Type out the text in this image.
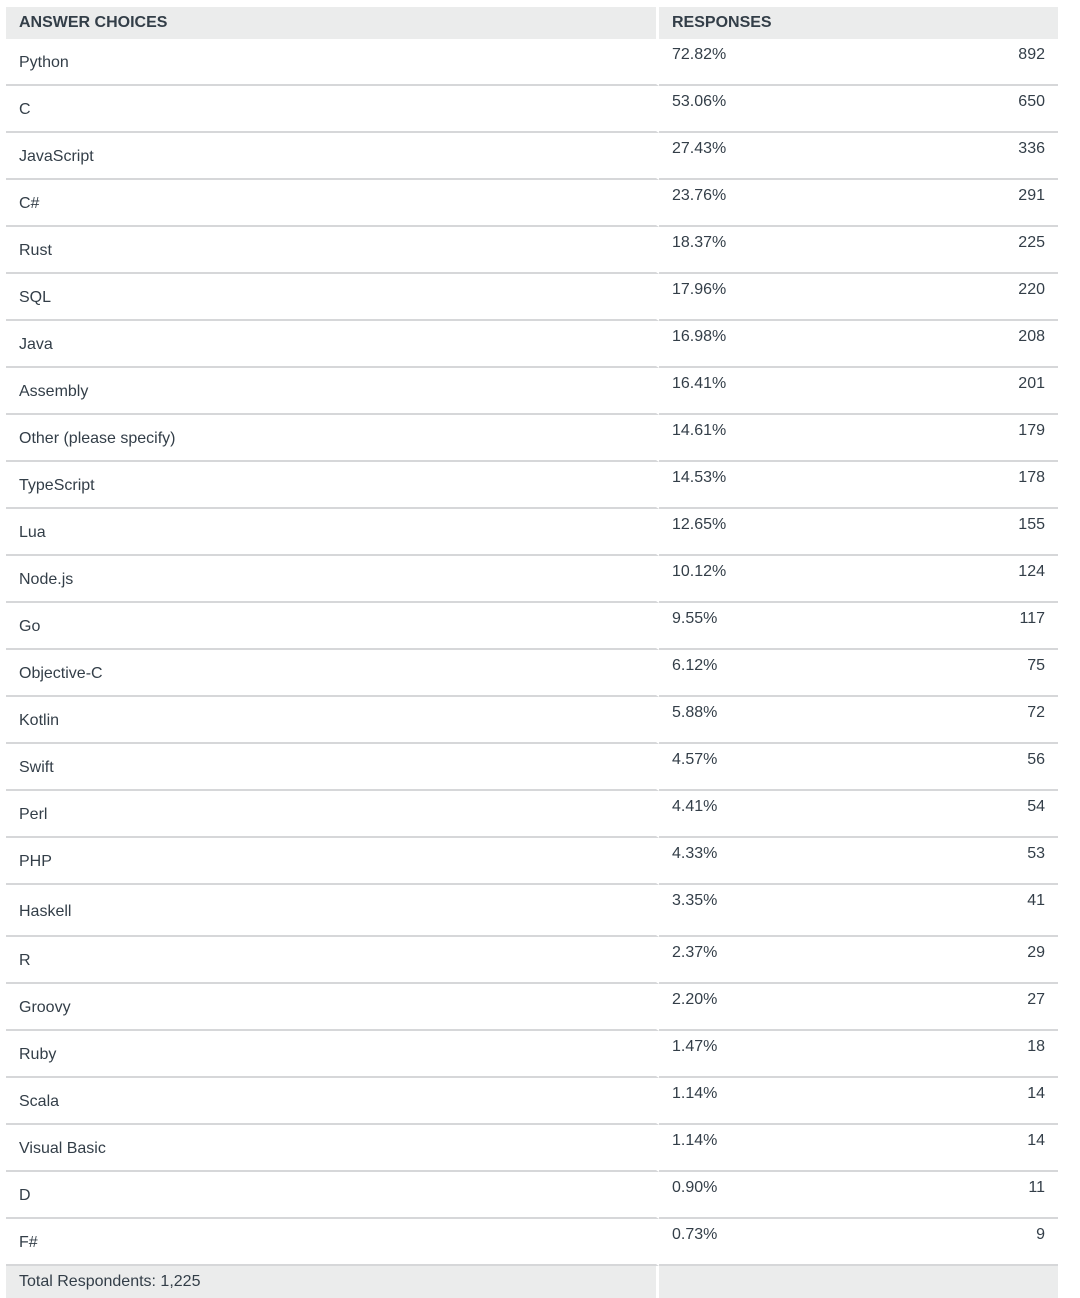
ANSWER CHOICES	RESPONSES	
Python	72.82%	892
C	53.06%	650
JavaScript	27.43%	336
C#	23.76%	291
Rust	18.37%	225
SQL	17.96%	220
Java	16.98%	208
Assembly	16.41%	201
Other (please specify)	14.61%	179
TypeScript	14.53%	178
Lua	12.65%	155
Node.js	10.12%	124
Go	9.55%	117
Objective-C	6.12%	75
Kotlin	5.88%	72
Swift	4.57%	56
Perl	4.41%	54
PHP	4.33%	53
Haskell	3.35%	41
R	2.37%	29
Groovy	2.20%	27
Ruby	1.47%	18
Scala	1.14%	14
Visual Basic	1.14%	14
D	0.90%	11
F#	0.73%	9
Total Respondents: 1,225		
